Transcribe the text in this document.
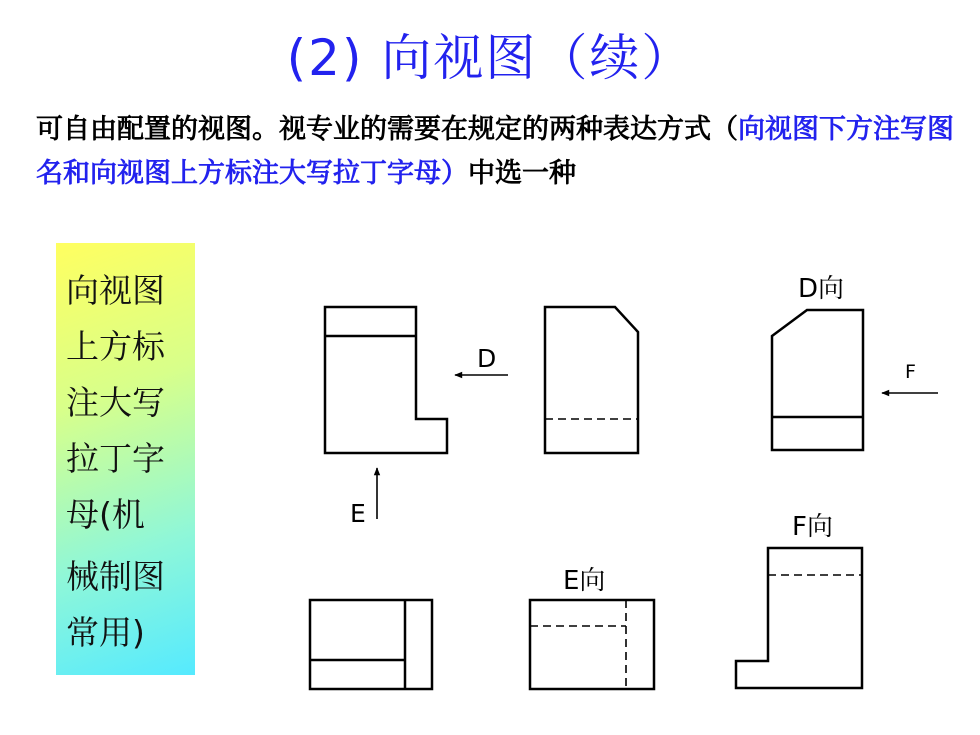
(2) 向视图（续）
可自由配置的视图。视专业的需要在规定的两种表达方式（向视图下方注写图名和向视图上方标注大写拉丁字母）中选一种
向视图
上方标
注大写
拉丁字
母(机
械制图
常用)
D
E
F
D向
E向
F向
